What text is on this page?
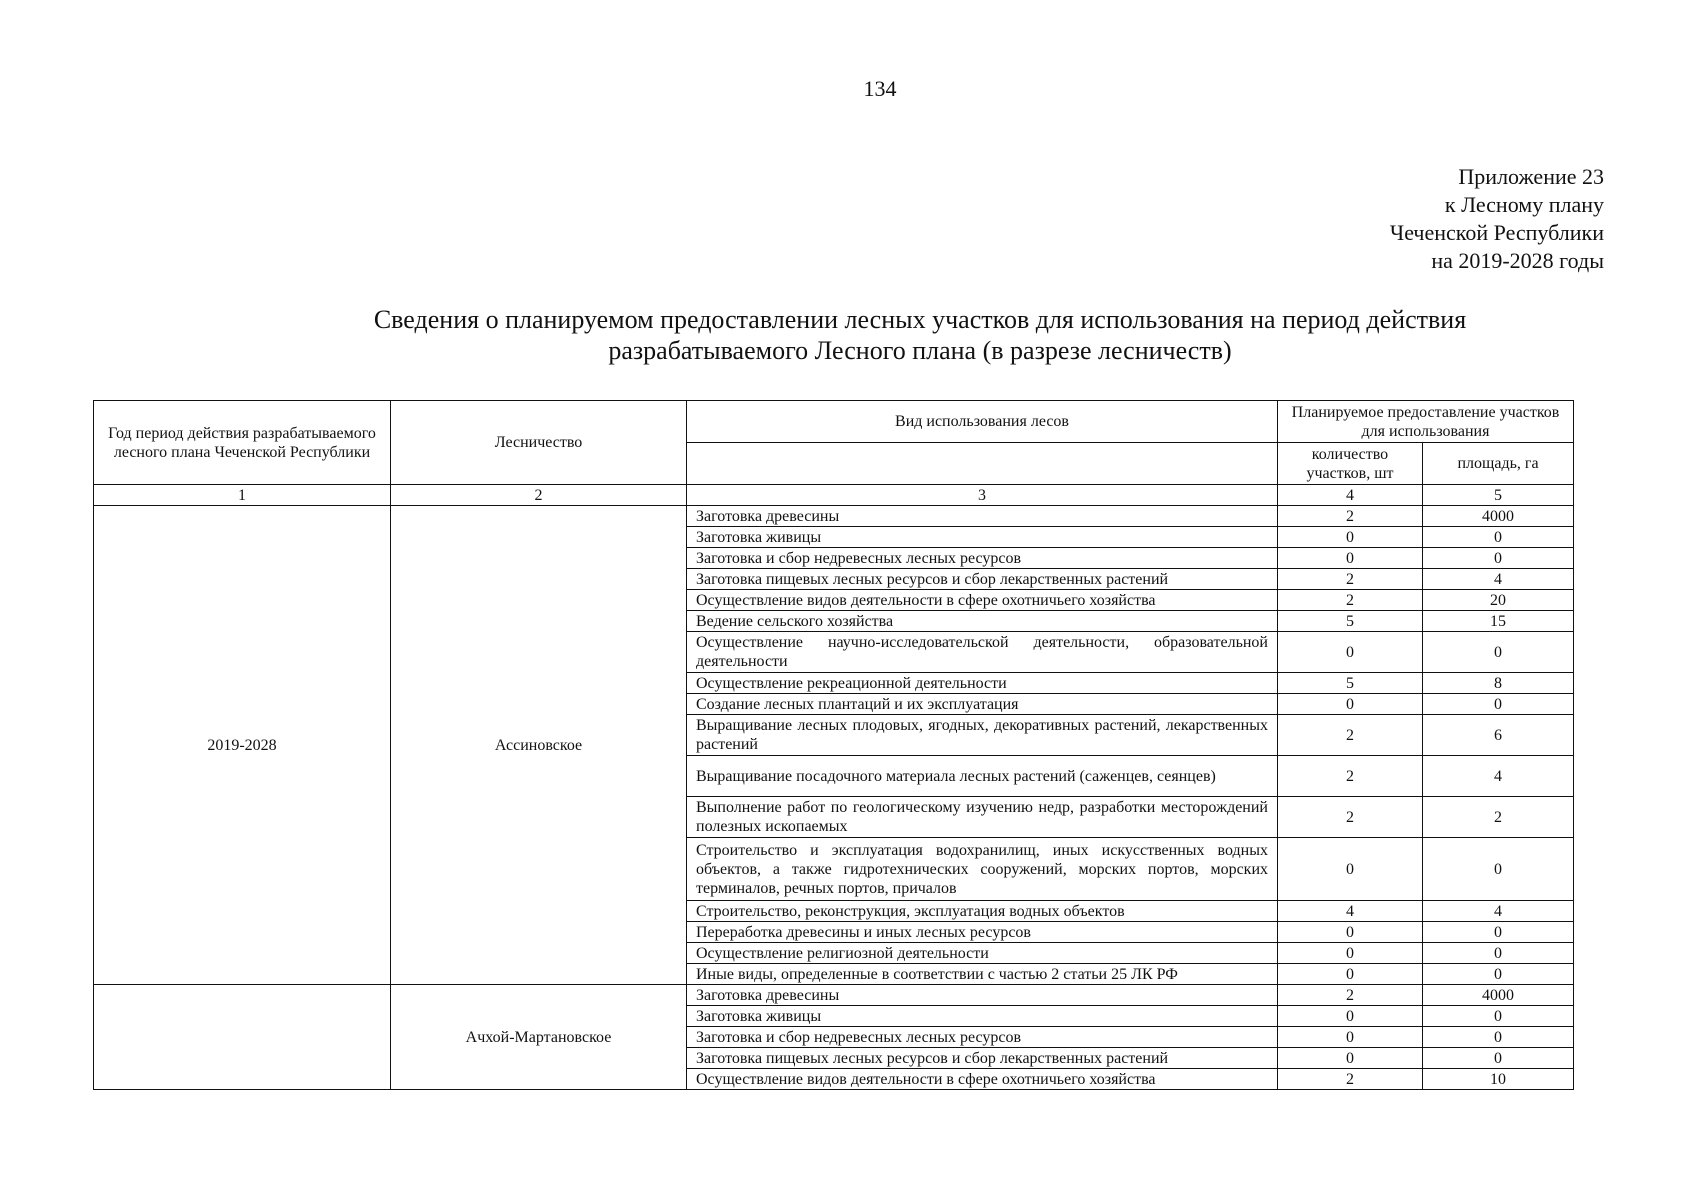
134
Приложение 23
к Лесному плану
Чеченской Республики
на 2019-2028 годы
Сведения о планируемом предоставлении лесных участков для использования на период действия
разрабатываемого Лесного плана (в разрезе лесничеств)
Год период действия разрабатываемого лесного плана Чеченской Республики	Лесничество	Вид использования лесов	Планируемое предоставление участков для использования	
			количество участков, шт	площадь, га
1	2	3	4	5
2019-2028	Ассиновское	Заготовка древесины	2	4000
		Заготовка живицы	0	0
		Заготовка и сбор недревесных лесных ресурсов	0	0
		Заготовка пищевых лесных ресурсов и сбор лекарственных растений	2	4
		Осуществление видов деятельности в сфере охотничьего хозяйства	2	20
		Ведение сельского хозяйства	5	15
		Осуществление научно-исследовательской деятельности, образовательной деятельности	0	0
		Осуществление рекреационной деятельности	5	8
		Создание лесных плантаций и их эксплуатация	0	0
		Выращивание лесных плодовых, ягодных, декоративных растений, лекарственных растений	2	6
		Выращивание посадочного материала лесных растений (саженцев, сеянцев)	2	4
		Выполнение работ по геологическому изучению недр, разработки месторождений полезных ископаемых	2	2
		Строительство и эксплуатация водохранилищ, иных искусственных водных объектов, а также гидротехнических сооружений, морских портов, морских терминалов, речных портов, причалов	0	0
		Строительство, реконструкция, эксплуатация водных объектов	4	4
		Переработка древесины и иных лесных ресурсов	0	0
		Осуществление религиозной деятельности	0	0
		Иные виды, определенные в соответствии с частью 2 статьи 25 ЛК РФ	0	0
	Ачхой-Мартановское	Заготовка древесины	2	4000
		Заготовка живицы	0	0
		Заготовка и сбор недревесных лесных ресурсов	0	0
		Заготовка пищевых лесных ресурсов и сбор лекарственных растений	0	0
		Осуществление видов деятельности в сфере охотничьего хозяйства	2	10
